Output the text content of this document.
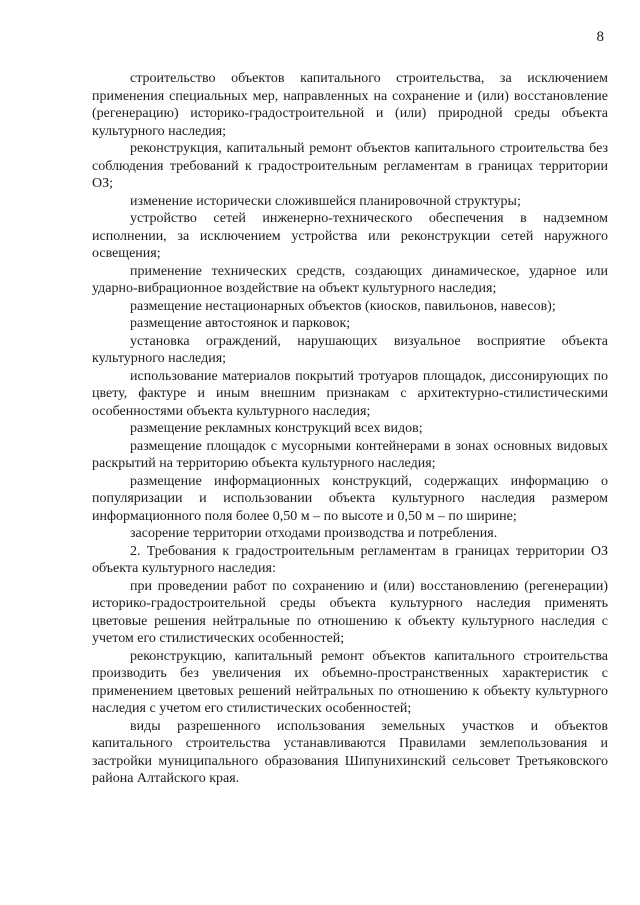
8

строительство объектов капитального строительства, за исключением применения специальных мер, направленных на сохранение и (или) восстановление (регенерацию) историко-градостроительной и (или) природной среды объекта культурного наследия;

реконструкция, капитальный ремонт объектов капитального строительства без соблюдения требований к градостроительным регламентам в границах территории ОЗ;

изменение исторически сложившейся планировочной структуры;

устройство сетей инженерно-технического обеспечения в надземном исполнении, за исключением устройства или реконструкции сетей наружного освещения;

применение технических средств, создающих динамическое, ударное или ударно-вибрационное воздействие на объект культурного наследия;

размещение нестационарных объектов (киосков, павильонов, навесов);

размещение автостоянок и парковок;

установка ограждений, нарушающих визуальное восприятие объекта культурного наследия;

использование материалов покрытий тротуаров площадок, диссонирующих по цвету, фактуре и иным внешним признакам с архитектурно-стилистическими особенностями объекта культурного наследия;

размещение рекламных конструкций всех видов;

размещение площадок с мусорными контейнерами в зонах основных видовых раскрытий на территорию объекта культурного наследия;

размещение информационных конструкций, содержащих информацию о популяризации и использовании объекта культурного наследия размером информационного поля более 0,50 м – по высоте и 0,50 м – по ширине;

засорение территории отходами производства и потребления.

2. Требования к градостроительным регламентам в границах территории ОЗ объекта культурного наследия:

при проведении работ по сохранению и (или) восстановлению (регенерации) историко-градостроительной среды объекта культурного наследия применять цветовые решения нейтральные по отношению к объекту культурного наследия с учетом его стилистических особенностей;

реконструкцию, капитальный ремонт объектов капитального строительства производить без увеличения их объемно-пространственных характеристик с применением цветовых решений нейтральных по отношению к объекту культурного наследия с учетом его стилистических особенностей;

виды разрешенного использования земельных участков и объектов капитального строительства устанавливаются Правилами землепользования и застройки муниципального образования Шипунихинский сельсовет Третьяковского района Алтайского края.
